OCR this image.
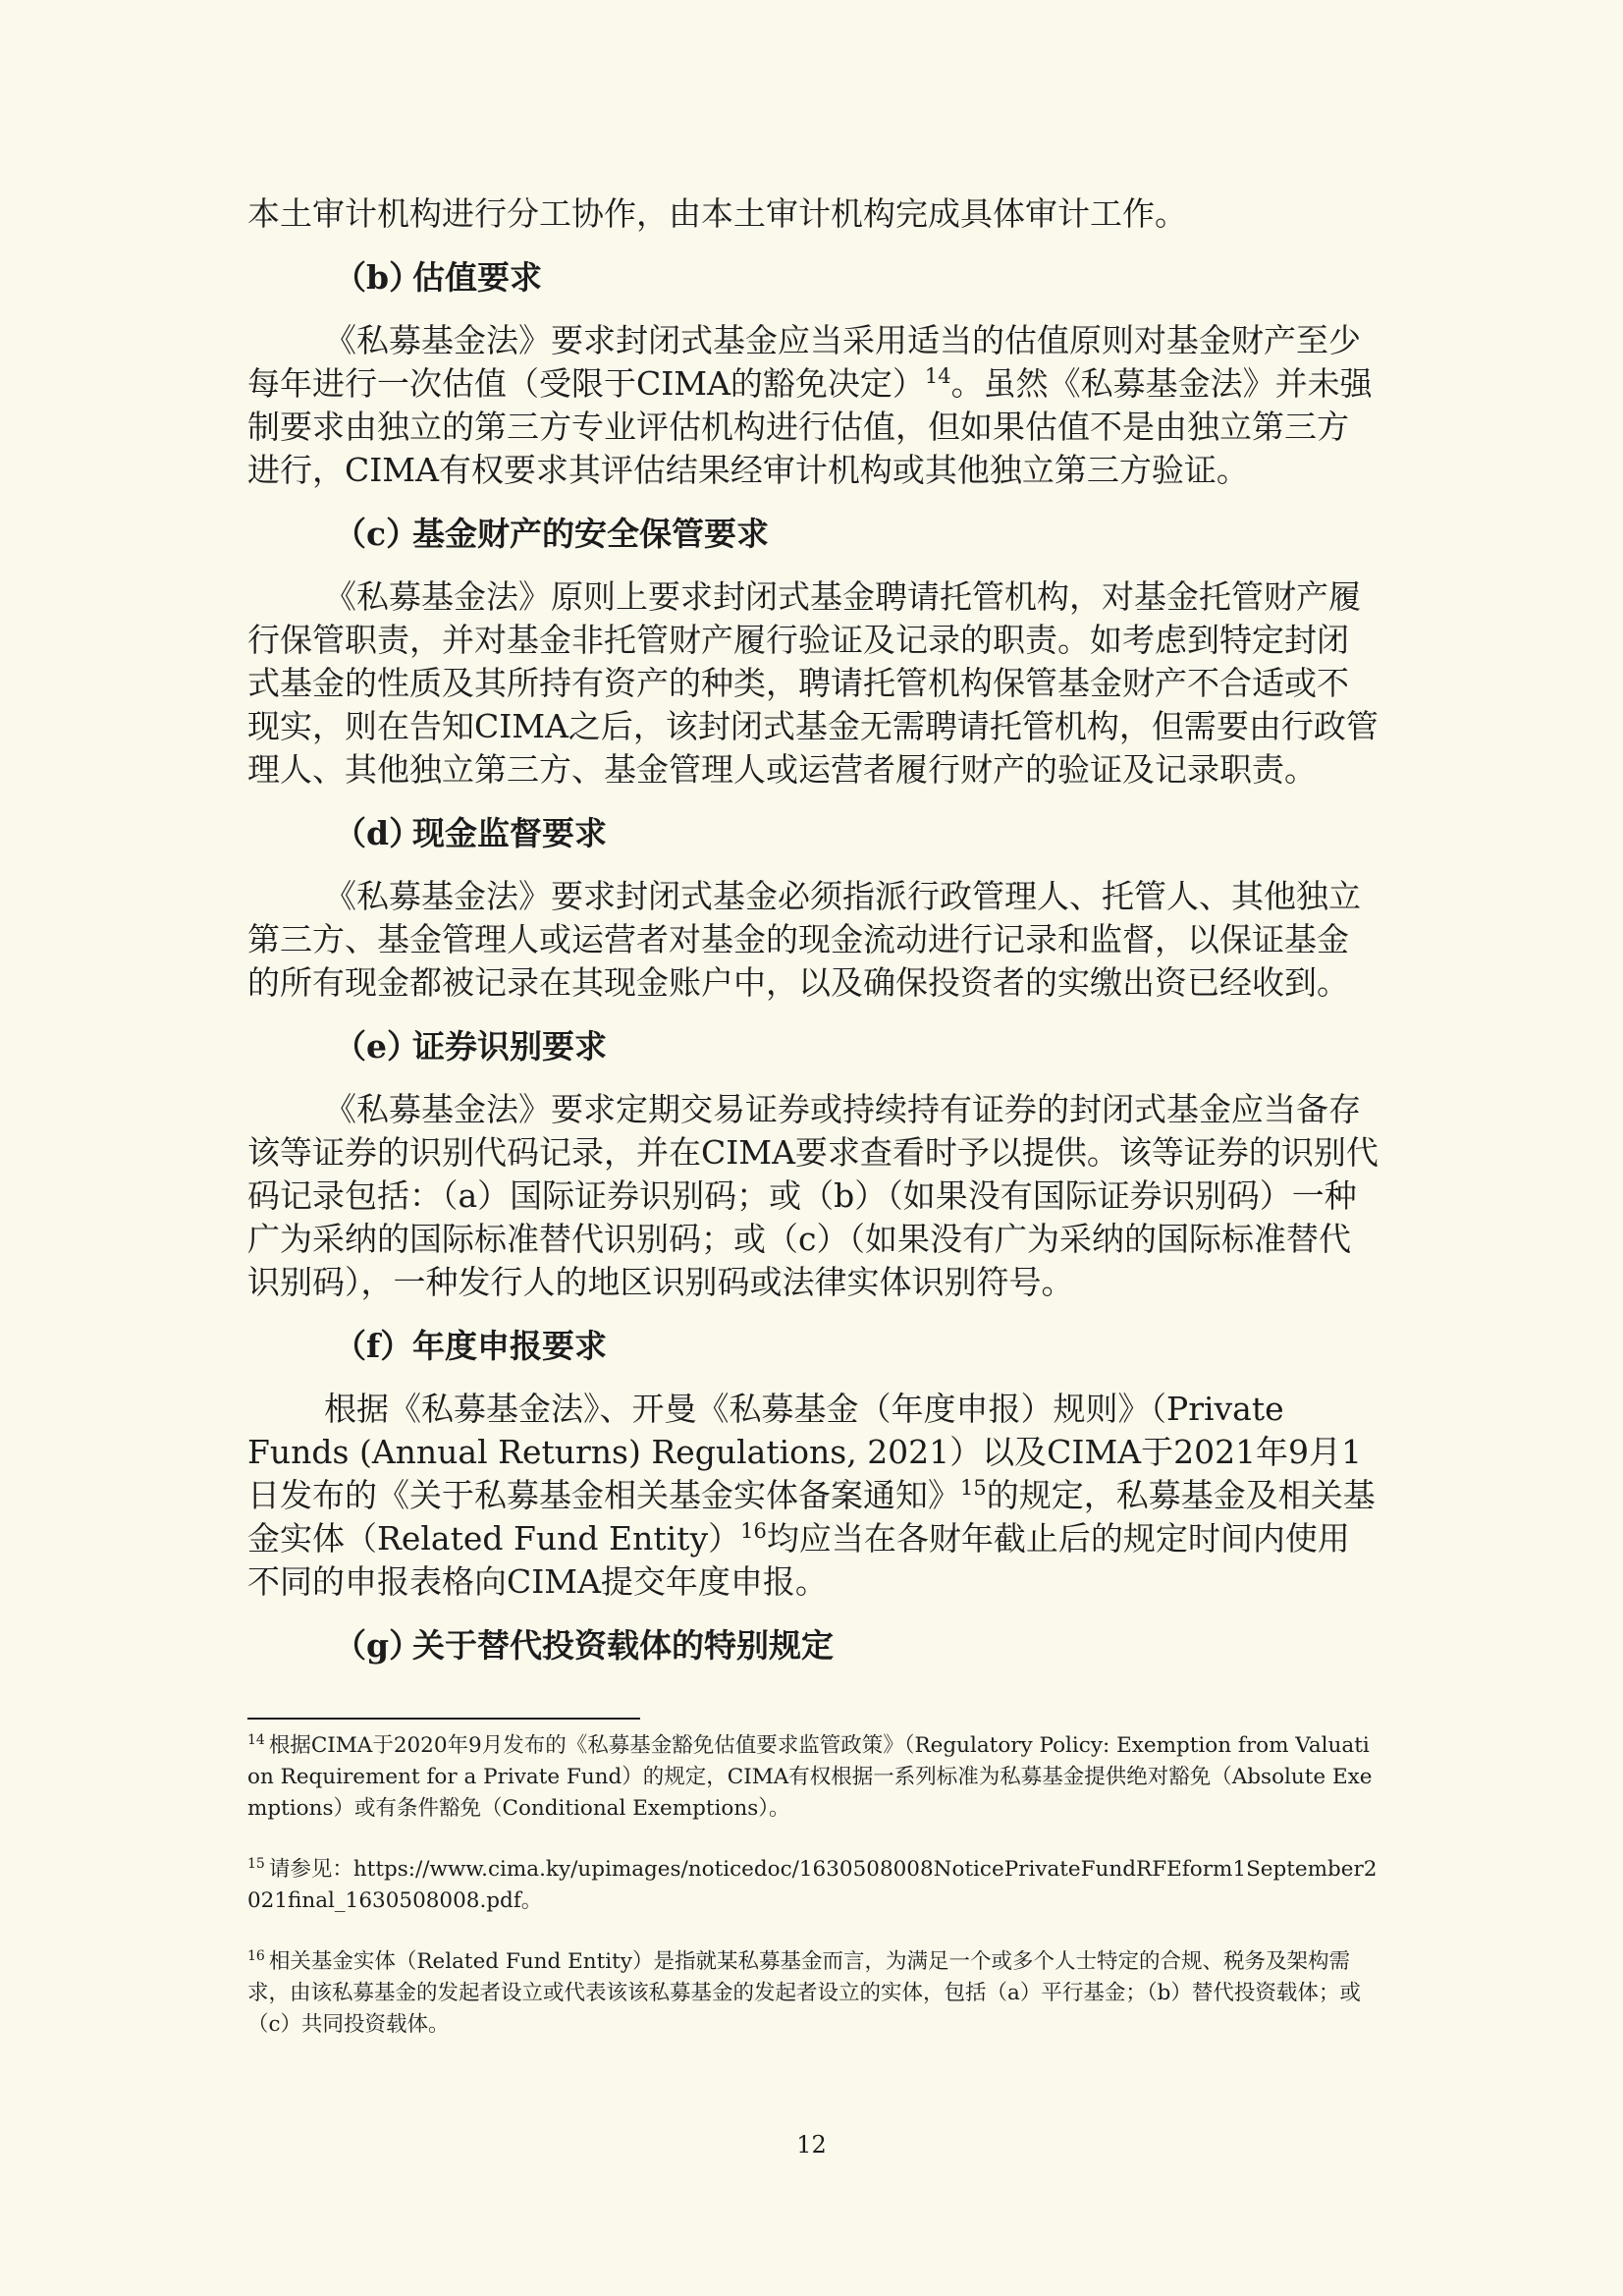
本土审计机构进行分工协作，由本土审计机构完成具体审计工作。

（b）估值要求

《私募基金法》要求封闭式基金应当采用适当的估值原则对基金财产至少每年进行一次估值（受限于CIMA的豁免决定）$^{14}$。虽然《私募基金法》并未强制要求由独立的第三方专业评估机构进行估值，但如果估值不是由独立第三方进行，CIMA有权要求其评估结果经审计机构或其他独立第三方验证。

（c）基金财产的安全保管要求

《私募基金法》原则上要求封闭式基金聘请托管机构，对基金托管财产履行保管职责，并对基金非托管财产履行验证及记录的职责。如考虑到特定封闭式基金的性质及其所持有资产的种类，聘请托管机构保管基金财产不合适或不现实，则在告知CIMA之后，该封闭式基金无需聘请托管机构，但需要由行政管理人、其他独立第三方、基金管理人或运营者履行财产的验证及记录职责。

（d）现金监督要求

《私募基金法》要求封闭式基金必须指派行政管理人、托管人、其他独立第三方、基金管理人或运营者对基金的现金流动进行记录和监督，以保证基金的所有现金都被记录在其现金账户中，以及确保投资者的实缴出资已经收到。

（e）证券识别要求

《私募基金法》要求定期交易证券或持续持有证券的封闭式基金应当备存该等证券的识别代码记录，并在CIMA要求查看时予以提供。该等证券的识别代码记录包括：（a）国际证券识别码；或（b）（如果没有国际证券识别码）一种广为采纳的国际标准替代识别码；或（c）（如果没有广为采纳的国际标准替代识别码），一种发行人的地区识别码或法律实体识别符号。

（f）年度申报要求

根据《私募基金法》、开曼《私募基金（年度申报）规则》（Private Funds (Annual Returns) Regulations, 2021）以及CIMA于2021年9月1日发布的《关于私募基金相关基金实体备案通知》$^{15}$的规定，私募基金及相关基金实体（Related Fund Entity）$^{16}$均应当在各财年截止后的规定时间内使用不同的申报表格向CIMA提交年度申报。

（g）关于替代投资载体的特别规定

$^{14}$ 根据CIMA于2020年9月发布的《私募基金豁免估值要求监管政策》（Regulatory Policy: Exemption from Valuation Requirement for a Private Fund）的规定，CIMA有权根据一系列标准为私募基金提供绝对豁免（Absolute Exemptions）或有条件豁免（Conditional Exemptions）。

$^{15}$ 请参见：https://www.cima.ky/upimages/noticedoc/1630508008NoticePrivateFundRFEform1September2021final_1630508008.pdf。

$^{16}$ 相关基金实体（Related Fund Entity）是指就某私募基金而言，为满足一个或多个人士特定的合规、税务及架构需求，由该私募基金的发起者设立或代表该该私募基金的发起者设立的实体，包括（a）平行基金；（b）替代投资载体；或（c）共同投资载体。

12
